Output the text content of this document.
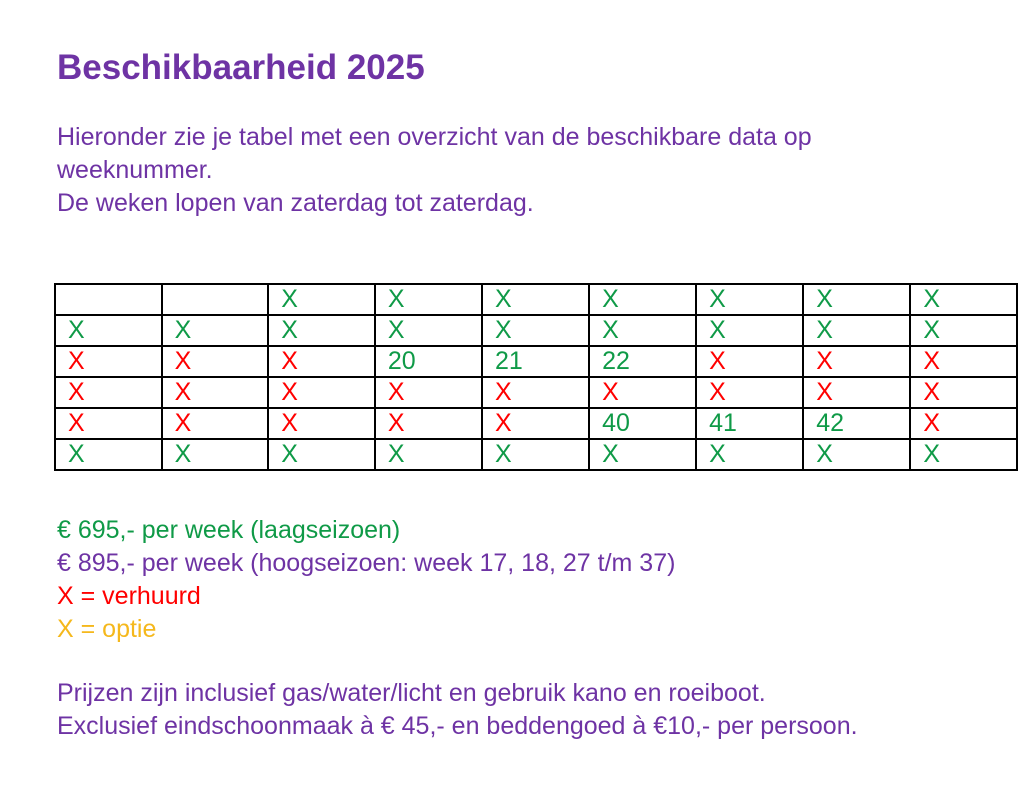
Beschikbaarheid 2025

Hieronder zie je tabel met een overzicht van de beschikbare data op weeknummer.

De weken lopen van zaterdag tot zaterdag.

		X	X	X	X	X	X	X
X	X	X	X	X	X	X	X	X
X	X	X	20	21	22	X	X	X
X	X	X	X	X	X	X	X	X
X	X	X	X	X	40	41	42	X
X	X	X	X	X	X	X	X	X

€ 695,- per week (laagseizoen)

€ 895,- per week (hoogseizoen: week 17, 18, 27 t/m 37)

X = verhuurd

X = optie

Prijzen zijn inclusief gas/water/licht en gebruik kano en roeiboot.

Exclusief eindschoonmaak à € 45,- en beddengoed à €10,- per persoon.
